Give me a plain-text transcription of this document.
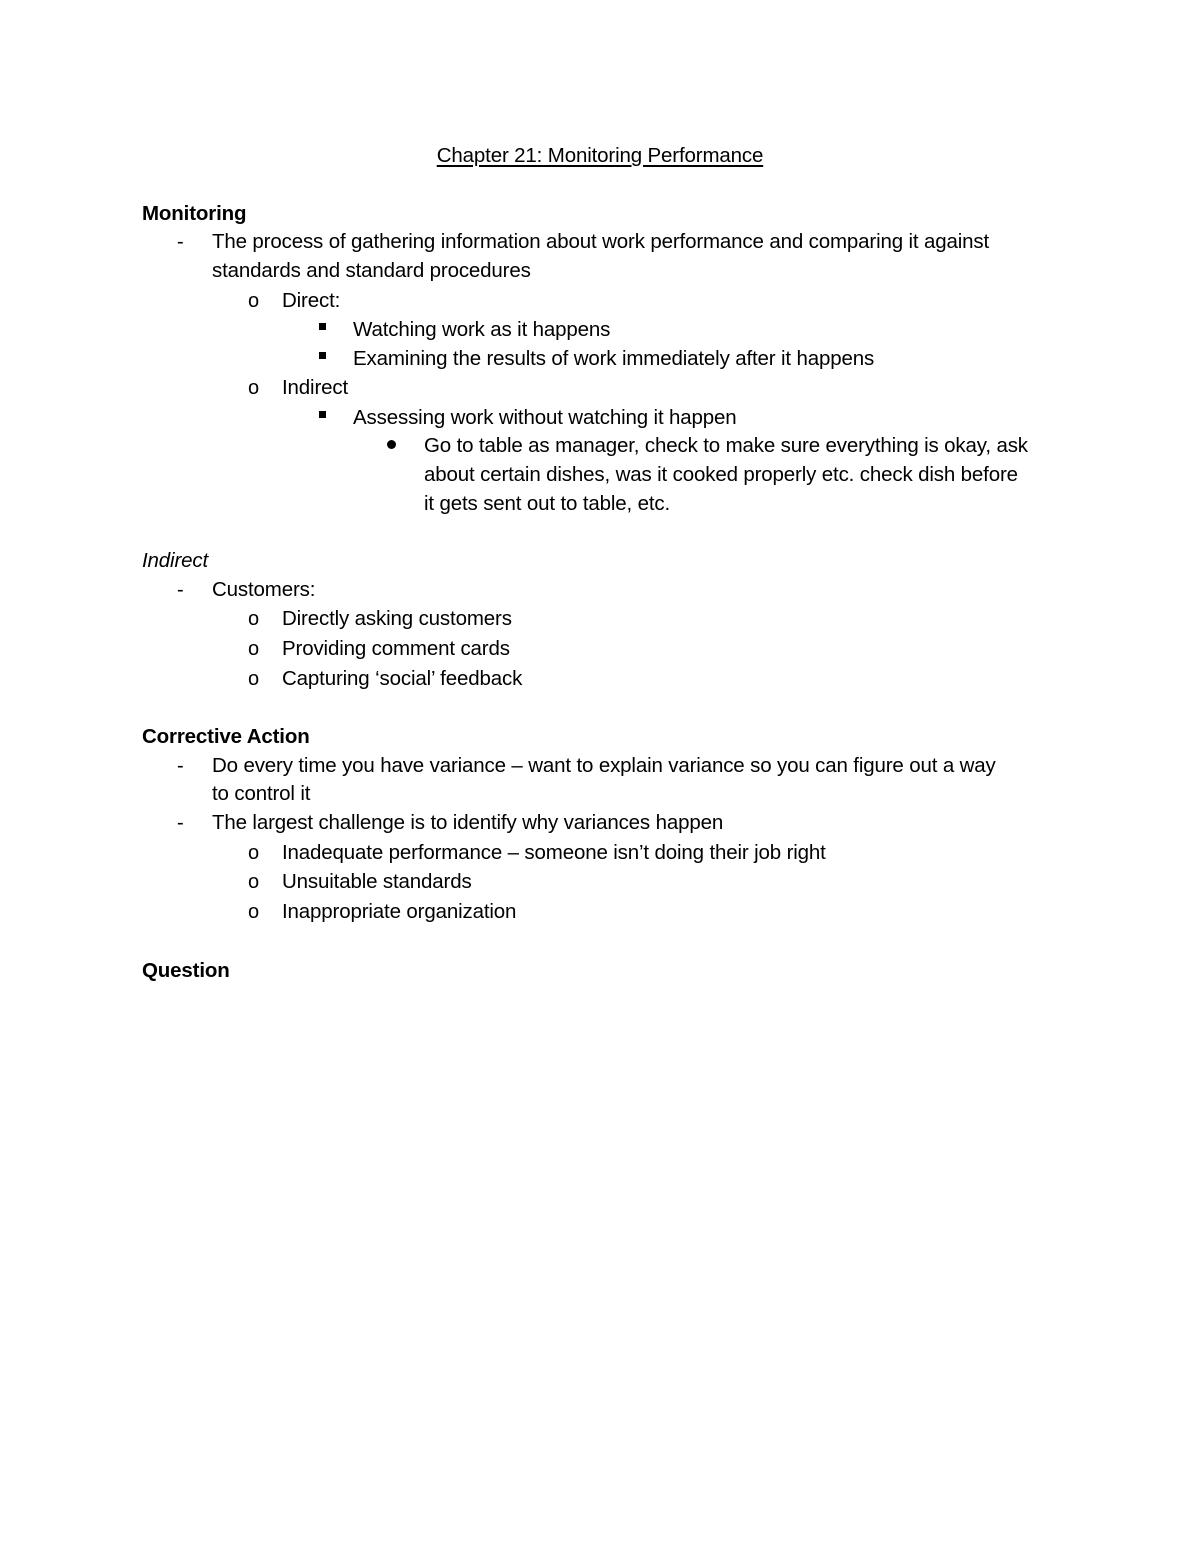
Chapter 21: Monitoring Performance
Monitoring
- The process of gathering information about work performance and comparing it against
standards and standard procedures
o Direct:
Watching work as it happens
Examining the results of work immediately after it happens
o Indirect
Assessing work without watching it happen
Go to table as manager, check to make sure everything is okay, ask
about certain dishes, was it cooked properly etc. check dish before
it gets sent out to table, etc.
Indirect
- Customers:
o Directly asking customers
o Providing comment cards
o Capturing ‘social’ feedback
Corrective Action
- Do every time you have variance – want to explain variance so you can figure out a way
to control it
- The largest challenge is to identify why variances happen
o Inadequate performance – someone isn’t doing their job right
o Unsuitable standards
o Inappropriate organization
Question
